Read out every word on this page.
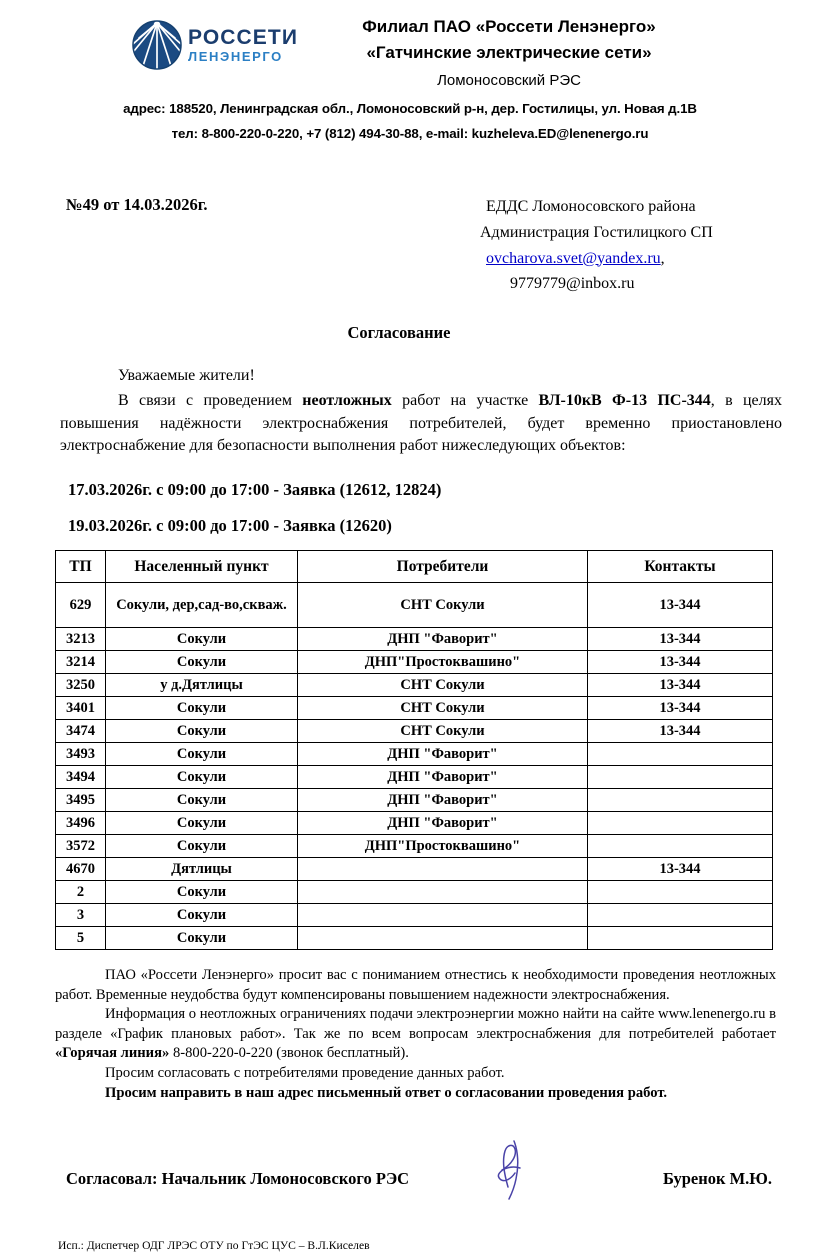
РОССЕТИ
ЛЕНЭНЕРГО
Филиал ПАО «Россети Ленэнерго»
«Гатчинские электрические сети»
Ломоносовский РЭС
адрес: 188520, Ленинградская обл., Ломоносовский р-н, дер. Гостилицы, ул. Новая д.1В
тел: 8-800-220-0-220, +7 (812) 494-30-88, e-mail: kuzheleva.ED@lenenergo.ru
№49 от 14.03.2026г.	ЕДДС Ломоносовского района
Администрация Гостилицкого СП
ovcharova.svet@yandex.ru,
9779779@inbox.ru
Согласование
Уважаемые жители!
В связи с проведением неотложных работ на участке ВЛ-10кВ Ф-13 ПС-344, в целях повышения надёжности электроснабжения потребителей, будет временно приостановлено электроснабжение для безопасности выполнения работ нижеследующих объектов:
17.03.2026г. с 09:00 до 17:00 - Заявка (12612, 12824)
19.03.2026г. с 09:00 до 17:00 - Заявка (12620)
ТП	Населенный пункт	Потребители	Контакты
629	Сокули, дер,сад-во,скваж.	СНТ Сокули	13-344
3213	Сокули	ДНП "Фаворит"	13-344
3214	Сокули	ДНП"Простоквашино"	13-344
3250	у д.Дятлицы	СНТ Сокули	13-344
3401	Сокули	СНТ Сокули	13-344
3474	Сокули	СНТ Сокули	13-344
3493	Сокули	ДНП "Фаворит"	
3494	Сокули	ДНП "Фаворит"	
3495	Сокули	ДНП "Фаворит"	
3496	Сокули	ДНП "Фаворит"	
3572	Сокули	ДНП"Простоквашино"	
4670	Дятлицы		13-344
2	Сокули		
3	Сокули		
5	Сокули		

ПАО «Россети Ленэнерго» просит вас с пониманием отнестись к необходимости проведения неотложных работ. Временные неудобства будут компенсированы повышением надежности электроснабжения.

Информация о неотложных ограничениях подачи электроэнергии можно найти на сайте www.lenenergo.ru в разделе «График плановых работ». Так же по всем вопросам электроснабжения для потребителей работает «Горячая линия» 8-800-220-0-220 (звонок бесплатный).

Просим согласовать с потребителями проведение данных работ.

Просим направить в наш адрес письменный ответ о согласовании проведения работ.

Согласовал: Начальник Ломоносовского РЭС	Буренок М.Ю.
Исп.: Диспетчер ОДГ ЛРЭС ОТУ по ГтЭС ЦУС – В.Л.Киселев
